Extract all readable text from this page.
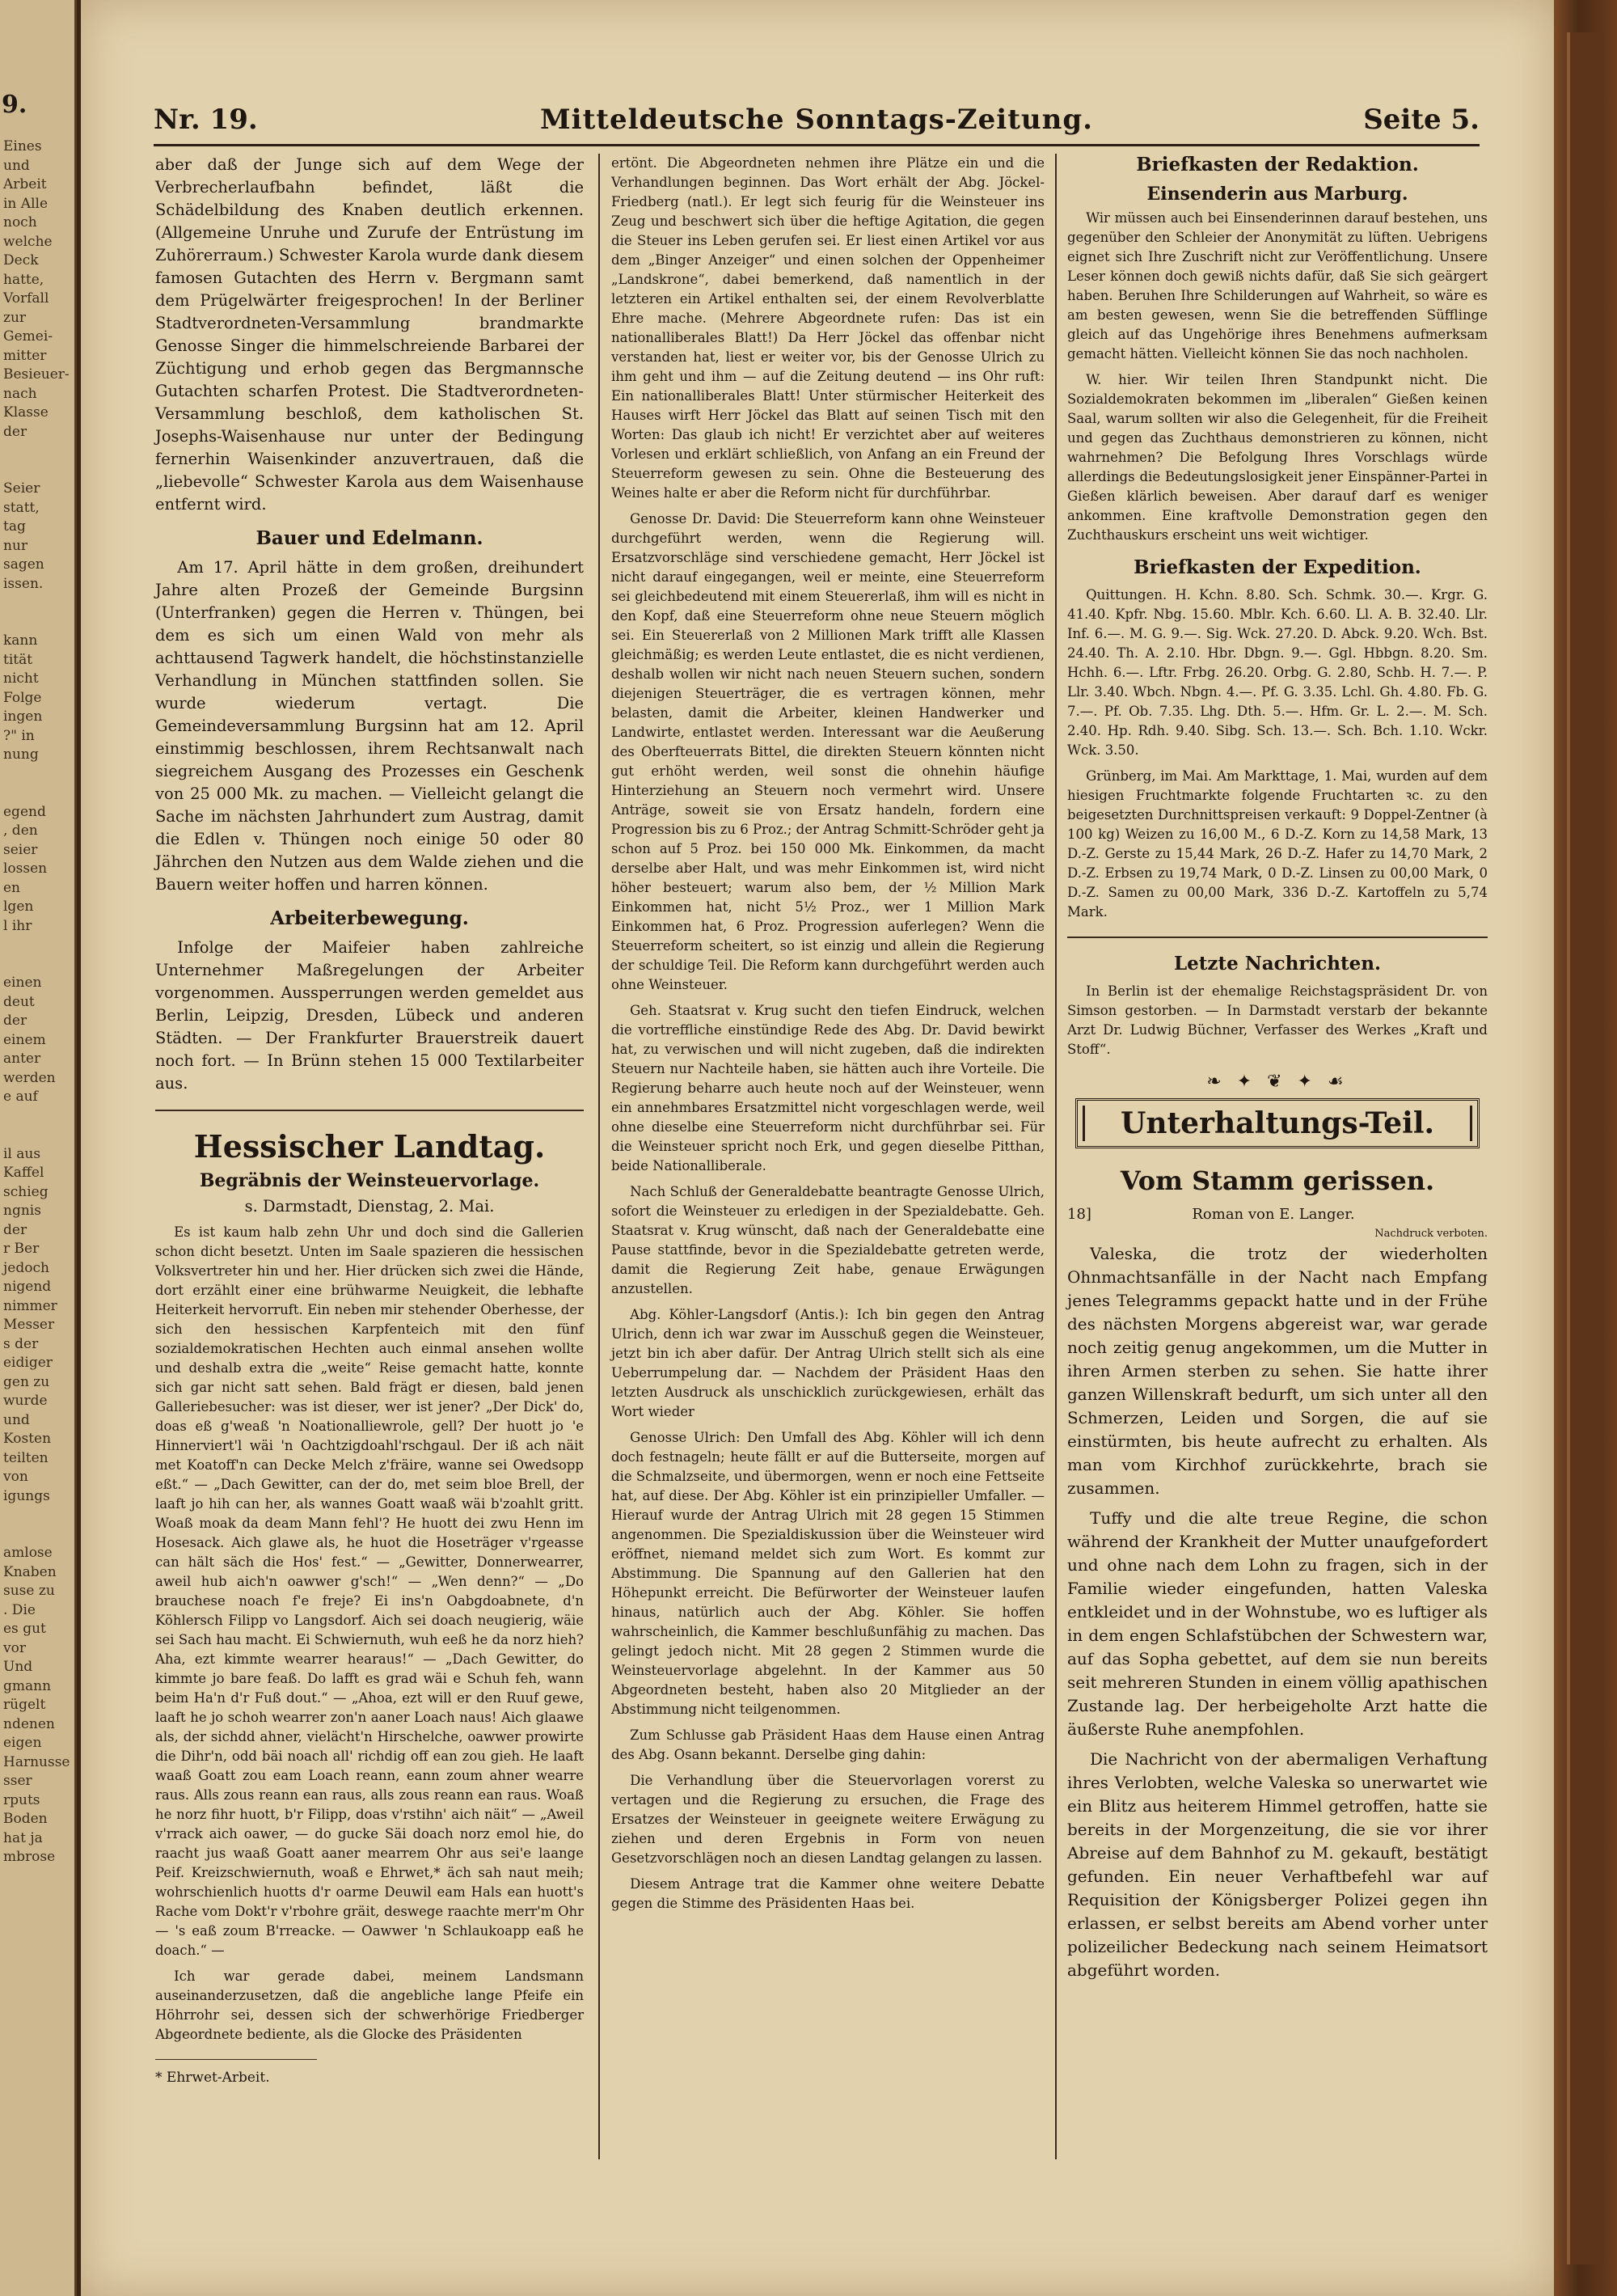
9.
Eines
und
Arbeit
in Alle
noch
welche
Deck
hatte,
Vorfall
zur
Gemei-
mitter
Besieuer-
nach
Klasse
der

Seier
statt,
tag
nur
sagen
issen.

kann
tität
nicht
Folge
ingen
?" in
nung

egend
, den
seier
lossen
en
lgen
l ihr

einen
deut
der
einem
anter
werden
e auf

il aus
Kaffel
schieg
ngnis
der
r Ber
jedoch
nigend
nimmer
Messer
s der
eidiger
gen zu
wurde
und
Kosten
teilten
von
igungs

amlose
Knaben
suse zu
. Die
es gut
vor
Und
gmann
rügelt
ndenen
eigen
Harnusse
sser
rputs
Boden
hat ja
mbrose
Mitteldeutsche Sonntags-Zeitung.
Nr. 19.	Seite 5.

aber daß der Junge sich auf dem Wege der Verbrecherlaufbahn befindet, läßt die Schädelbildung des Knaben deutlich erkennen. (Allgemeine Unruhe und Zurufe der Entrüstung im Zuhörerraum.) Schwester Karola wurde dank diesem famosen Gutachten des Herrn v. Bergmann samt dem Prügelwärter freigesprochen! In der Berliner Stadtverordneten-Versammlung brandmarkte Genosse Singer die himmelschreiende Barbarei der Züchtigung und erhob gegen das Bergmannsche Gutachten scharfen Protest. Die Stadtverordneten-Versammlung beschloß, dem katholischen St. Josephs-Waisenhause nur unter der Bedingung fernerhin Waisenkinder anzuvertrauen, daß die „liebevolle“ Schwester Karola aus dem Waisenhause entfernt wird.

Bauer und Edelmann.

Am 17. April hätte in dem großen, dreihundert Jahre alten Prozeß der Gemeinde Burgsinn (Unterfranken) gegen die Herren v. Thüngen, bei dem es sich um einen Wald von mehr als achttausend Tagwerk handelt, die höchstinstanzielle Verhandlung in München stattfinden sollen. Sie wurde wiederum vertagt. Die Gemeindeversammlung Burgsinn hat am 12. April einstimmig beschlossen, ihrem Rechtsanwalt nach siegreichem Ausgang des Prozesses ein Geschenk von 25 000 Mk. zu machen. — Vielleicht gelangt die Sache im nächsten Jahrhundert zum Austrag, damit die Edlen v. Thüngen noch einige 50 oder 80 Jährchen den Nutzen aus dem Walde ziehen und die Bauern weiter hoffen und harren können.

Arbeiterbewegung.

Infolge der Maifeier haben zahlreiche Unternehmer Maßregelungen der Arbeiter vorgenommen. Aussperrungen werden gemeldet aus Berlin, Leipzig, Dresden, Lübeck und anderen Städten. — Der Frankfurter Brauerstreik dauert noch fort. — In Brünn stehen 15 000 Textilarbeiter aus.

Hessischer Landtag.
Begräbnis der Weinsteuervorlage.
s. Darmstadt, Dienstag, 2. Mai.

Es ist kaum halb zehn Uhr und doch sind die Gallerien schon dicht besetzt. Unten im Saale spazieren die hessischen Volksvertreter hin und her. Hier drücken sich zwei die Hände, dort erzählt einer eine brühwarme Neuigkeit, die lebhafte Heiterkeit hervorruft. Ein neben mir stehender Oberhesse, der sich den hessischen Karpfenteich mit den fünf sozialdemokratischen Hechten auch einmal ansehen wollte und deshalb extra die „weite“ Reise gemacht hatte, konnte sich gar nicht satt sehen. Bald frägt er diesen, bald jenen Galleriebesucher: was ist dieser, wer ist jener? „Der Dick' do, doas eß g'weaß 'n Noationalliewrole, gell? Der huott jo 'e Hinnerviert'l wäi 'n Oachtzigdoahl'rschgaul. Der iß ach näit met Koatoff'n can Decke Melch z'fräire, wanne sei Owedsopp eßt.“ — „Dach Gewitter, can der do, met seim bloe Brell, der laaft jo hih can her, als wannes Goatt waaß wäi b'zoahlt gritt. Woaß moak da deam Mann fehl'? He huott dei zwu Henn im Hosesack. Aich glawe als, he huot die Hoseträger v'rgeasse can hält säch die Hos' fest.“ — „Gewitter, Donnerwearrer, aweil hub aich'n oawwer g'sch!“ — „Wen denn?“ — „Do brauchese noach f'e freje? Ei ins'n Oabgdoabnete, d'n Köhlersch Filipp vo Langsdorf. Aich sei doach neugierig, wäie sei Sach hau macht. Ei Schwiernuth, wuh eeß he da norz hieh? Aha, ezt kimmte wearrer hearaus!“ — „Dach Gewitter, do kimmte jo bare feaß. Do lafft es grad wäi e Schuh feh, wann beim Ha'n d'r Fuß dout.“ — „Ahoa, ezt will er den Ruuf gewe, laaft he jo schoh wearrer zon'n aaner Loach naus! Aich glaawe als, der sichdd ahner, vielächt'n Hirschelche, oawwer prowirte die Dihr'n, odd bäi noach all' richdig off ean zou gieh. He laaft waaß Goatt zou eam Loach reann, eann zoum ahner wearre raus. Alls zous reann ean raus, alls zous reann ean raus. Woaß he norz fihr huott, b'r Filipp, doas v'rstihn' aich näit“ — „Aweil v'rrack aich oawer, — do gucke Säi doach norz emol hie, do raacht jus waaß Goatt aaner mearrem Ohr aus sei'e laange Peif. Kreizschwiernuth, woaß e Ehrwet,* äch sah naut meih; wohrschienlich huotts d'r oarme Deuwil eam Hals ean huott's Rache vom Dokt'r v'rbohre gräit, deswege raachte merr'm Ohr — 's eaß zoum B'rreacke. — Oawwer 'n Schlaukoapp eaß he doach.“ —

Ich war gerade dabei, meinem Landsmann auseinanderzusetzen, daß die angebliche lange Pfeife ein Höhrrohr sei, dessen sich der schwerhörige Friedberger Abgeordnete bediente, als die Glocke des Präsidenten

* Ehrwet-Arbeit.

ertönt. Die Abgeordneten nehmen ihre Plätze ein und die Verhandlungen beginnen. Das Wort erhält der Abg. Jöckel-Friedberg (natl.). Er legt sich feurig für die Weinsteuer ins Zeug und beschwert sich über die heftige Agitation, die gegen die Steuer ins Leben gerufen sei. Er liest einen Artikel vor aus dem „Binger Anzeiger“ und einen solchen der Oppenheimer „Landskrone“, dabei bemerkend, daß namentlich in der letzteren ein Artikel enthalten sei, der einem Revolverblatte Ehre mache. (Mehrere Abgeordnete rufen: Das ist ein nationalliberales Blatt!) Da Herr Jöckel das offenbar nicht verstanden hat, liest er weiter vor, bis der Genosse Ulrich zu ihm geht und ihm — auf die Zeitung deutend — ins Ohr ruft: Ein nationalliberales Blatt! Unter stürmischer Heiterkeit des Hauses wirft Herr Jöckel das Blatt auf seinen Tisch mit den Worten: Das glaub ich nicht! Er verzichtet aber auf weiteres Vorlesen und erklärt schließlich, von Anfang an ein Freund der Steuerreform gewesen zu sein. Ohne die Besteuerung des Weines halte er aber die Reform nicht für durchführbar.

Genosse Dr. David: Die Steuerreform kann ohne Weinsteuer durchgeführt werden, wenn die Regierung will. Ersatzvorschläge sind verschiedene gemacht, Herr Jöckel ist nicht darauf eingegangen, weil er meinte, eine Steuerreform sei gleichbedeutend mit einem Steuererlaß, ihm will es nicht in den Kopf, daß eine Steuerreform ohne neue Steuern möglich sei. Ein Steuererlaß von 2 Millionen Mark trifft alle Klassen gleichmäßig; es werden Leute entlastet, die es nicht verdienen, deshalb wollen wir nicht nach neuen Steuern suchen, sondern diejenigen Steuerträger, die es vertragen können, mehr belasten, damit die Arbeiter, kleinen Handwerker und Landwirte, entlastet werden. Interessant war die Aeußerung des Oberfteuerrats Bittel, die direkten Steuern könnten nicht gut erhöht werden, weil sonst die ohnehin häufige Hinterziehung an Steuern noch vermehrt wird. Unsere Anträge, soweit sie von Ersatz handeln, fordern eine Progression bis zu 6 Proz.; der Antrag Schmitt-Schröder geht ja schon auf 5 Proz. bei 150 000 Mk. Einkommen, da macht derselbe aber Halt, und was mehr Einkommen ist, wird nicht höher besteuert; warum also bem, der ½ Million Mark Einkommen hat, nicht 5½ Proz., wer 1 Million Mark Einkommen hat, 6 Proz. Progression auferlegen? Wenn die Steuerreform scheitert, so ist einzig und allein die Regierung der schuldige Teil. Die Reform kann durchgeführt werden auch ohne Weinsteuer.

Geh. Staatsrat v. Krug sucht den tiefen Eindruck, welchen die vortreffliche einstündige Rede des Abg. Dr. David bewirkt hat, zu verwischen und will nicht zugeben, daß die indirekten Steuern nur Nachteile haben, sie hätten auch ihre Vorteile. Die Regierung beharre auch heute noch auf der Weinsteuer, wenn ein annehmbares Ersatzmittel nicht vorgeschlagen werde, weil ohne dieselbe eine Steuerreform nicht durchführbar sei. Für die Weinsteuer spricht noch Erk, und gegen dieselbe Pitthan, beide Nationalliberale.

Nach Schluß der Generaldebatte beantragte Genosse Ulrich, sofort die Weinsteuer zu erledigen in der Spezialdebatte. Geh. Staatsrat v. Krug wünscht, daß nach der Generaldebatte eine Pause stattfinde, bevor in die Spezialdebatte getreten werde, damit die Regierung Zeit habe, genaue Erwägungen anzustellen.

Abg. Köhler-Langsdorf (Antis.): Ich bin gegen den Antrag Ulrich, denn ich war zwar im Ausschuß gegen die Weinsteuer, jetzt bin ich aber dafür. Der Antrag Ulrich stellt sich als eine Ueberrumpelung dar. — Nachdem der Präsident Haas den letzten Ausdruck als unschicklich zurückgewiesen, erhält das Wort wieder

Genosse Ulrich: Den Umfall des Abg. Köhler will ich denn doch festnageln; heute fällt er auf die Butterseite, morgen auf die Schmalzseite, und übermorgen, wenn er noch eine Fettseite hat, auf diese. Der Abg. Köhler ist ein prinzipieller Umfaller. — Hierauf wurde der Antrag Ulrich mit 28 gegen 15 Stimmen angenommen. Die Spezialdiskussion über die Weinsteuer wird eröffnet, niemand meldet sich zum Wort. Es kommt zur Abstimmung. Die Spannung auf den Gallerien hat den Höhepunkt erreicht. Die Befürworter der Weinsteuer laufen hinaus, natürlich auch der Abg. Köhler. Sie hoffen wahrscheinlich, die Kammer beschlußunfähig zu machen. Das gelingt jedoch nicht. Mit 28 gegen 2 Stimmen wurde die Weinsteuervorlage abgelehnt. In der Kammer aus 50 Abgeordneten besteht, haben also 20 Mitglieder an der Abstimmung nicht teilgenommen.

Zum Schlusse gab Präsident Haas dem Hause einen Antrag des Abg. Osann bekannt. Derselbe ging dahin:

Die Verhandlung über die Steuervorlagen vorerst zu vertagen und die Regierung zu ersuchen, die Frage des Ersatzes der Weinsteuer in geeignete weitere Erwägung zu ziehen und deren Ergebnis in Form von neuen Gesetzvorschlägen noch an diesen Landtag gelangen zu lassen.

Diesem Antrage trat die Kammer ohne weitere Debatte gegen die Stimme des Präsidenten Haas bei.

Briefkasten der Redaktion.
Einsenderin aus Marburg.

Wir müssen auch bei Einsenderinnen darauf bestehen, uns gegenüber den Schleier der Anonymität zu lüften. Uebrigens eignet sich Ihre Zuschrift nicht zur Veröffentlichung. Unsere Leser können doch gewiß nichts dafür, daß Sie sich geärgert haben. Beruhen Ihre Schilderungen auf Wahrheit, so wäre es am besten gewesen, wenn Sie die betreffenden Süfflinge gleich auf das Ungehörige ihres Benehmens aufmerksam gemacht hätten. Vielleicht können Sie das noch nachholen.

W. hier. Wir teilen Ihren Standpunkt nicht. Die Sozialdemokraten bekommen im „liberalen“ Gießen keinen Saal, warum sollten wir also die Gelegenheit, für die Freiheit und gegen das Zuchthaus demonstrieren zu können, nicht wahrnehmen? Die Befolgung Ihres Vorschlags würde allerdings die Bedeutungslosigkeit jener Einspänner-Partei in Gießen klärlich beweisen. Aber darauf darf es weniger ankommen. Eine kraftvolle Demonstration gegen den Zuchthauskurs erscheint uns weit wichtiger.

Briefkasten der Expedition.

Quittungen. H. Kchn. 8.80. Sch. Schmk. 30.—. Krgr. G. 41.40. Kpfr. Nbg. 15.60. Mblr. Kch. 6.60. Ll. A. B. 32.40. Llr. Inf. 6.—. M. G. 9.—. Sig. Wck. 27.20. D. Abck. 9.20. Wch. Bst. 24.40. Th. A. 2.10. Hbr. Dbgn. 9.—. Ggl. Hbbgn. 8.20. Sm. Hchh. 6.—. Lftr. Frbg. 26.20. Orbg. G. 2.80, Schb. H. 7.—. P. Llr. 3.40. Wbch. Nbgn. 4.—. Pf. G. 3.35. Lchl. Gh. 4.80. Fb. G. 7.—. Pf. Ob. 7.35. Lhg. Dth. 5.—. Hfm. Gr. L. 2.—. M. Sch. 2.40. Hp. Rdh. 9.40. Sibg. Sch. 13.—. Sch. Bch. 1.10. Wckr. Wck. 3.50.

Grünberg, im Mai. Am Markttage, 1. Mai, wurden auf dem hiesigen Fruchtmarkte folgende Fruchtarten ꝛc. zu den beigesetzten Durchnittspreisen verkauft: 9 Doppel-Zentner (à 100 kg) Weizen zu 16,00 M., 6 D.-Z. Korn zu 14,58 Mark, 13 D.-Z. Gerste zu 15,44 Mark, 26 D.-Z. Hafer zu 14,70 Mark, 2 D.-Z. Erbsen zu 19,74 Mark, 0 D.-Z. Linsen zu 00,00 Mark, 0 D.-Z. Samen zu 00,00 Mark, 336 D.-Z. Kartoffeln zu 5,74 Mark.

Letzte Nachrichten.

In Berlin ist der ehemalige Reichstagspräsident Dr. von Simson gestorben. — In Darmstadt verstarb der bekannte Arzt Dr. Ludwig Büchner, Verfasser des Werkes „Kraft und Stoff“.

❧ ✦ ❦ ✦ ☙
Unterhaltungs-Teil.
Vom Stamm gerissen.
18]	Roman von E. Langer.
Nachdruck verboten.

Valeska, die trotz der wiederholten Ohnmachtsanfälle in der Nacht nach Empfang jenes Telegramms gepackt hatte und in der Frühe des nächsten Morgens abgereist war, war gerade noch zeitig genug angekommen, um die Mutter in ihren Armen sterben zu sehen. Sie hatte ihrer ganzen Willenskraft bedurft, um sich unter all den Schmerzen, Leiden und Sorgen, die auf sie einstürmten, bis heute aufrecht zu erhalten. Als man vom Kirchhof zurückkehrte, brach sie zusammen.

Tuffy und die alte treue Regine, die schon während der Krankheit der Mutter unaufgefordert und ohne nach dem Lohn zu fragen, sich in der Familie wieder eingefunden, hatten Valeska entkleidet und in der Wohnstube, wo es luftiger als in dem engen Schlafstübchen der Schwestern war, auf das Sopha gebettet, auf dem sie nun bereits seit mehreren Stunden in einem völlig apathischen Zustande lag. Der herbeigeholte Arzt hatte die äußerste Ruhe anempfohlen.

Die Nachricht von der abermaligen Verhaftung ihres Verlobten, welche Valeska so unerwartet wie ein Blitz aus heiterem Himmel getroffen, hatte sie bereits in der Morgenzeitung, die sie vor ihrer Abreise auf dem Bahnhof zu M. gekauft, bestätigt gefunden. Ein neuer Verhaftbefehl war auf Requisition der Königsberger Polizei gegen ihn erlassen, er selbst bereits am Abend vorher unter polizeilicher Bedeckung nach seinem Heimatsort abgeführt worden.
